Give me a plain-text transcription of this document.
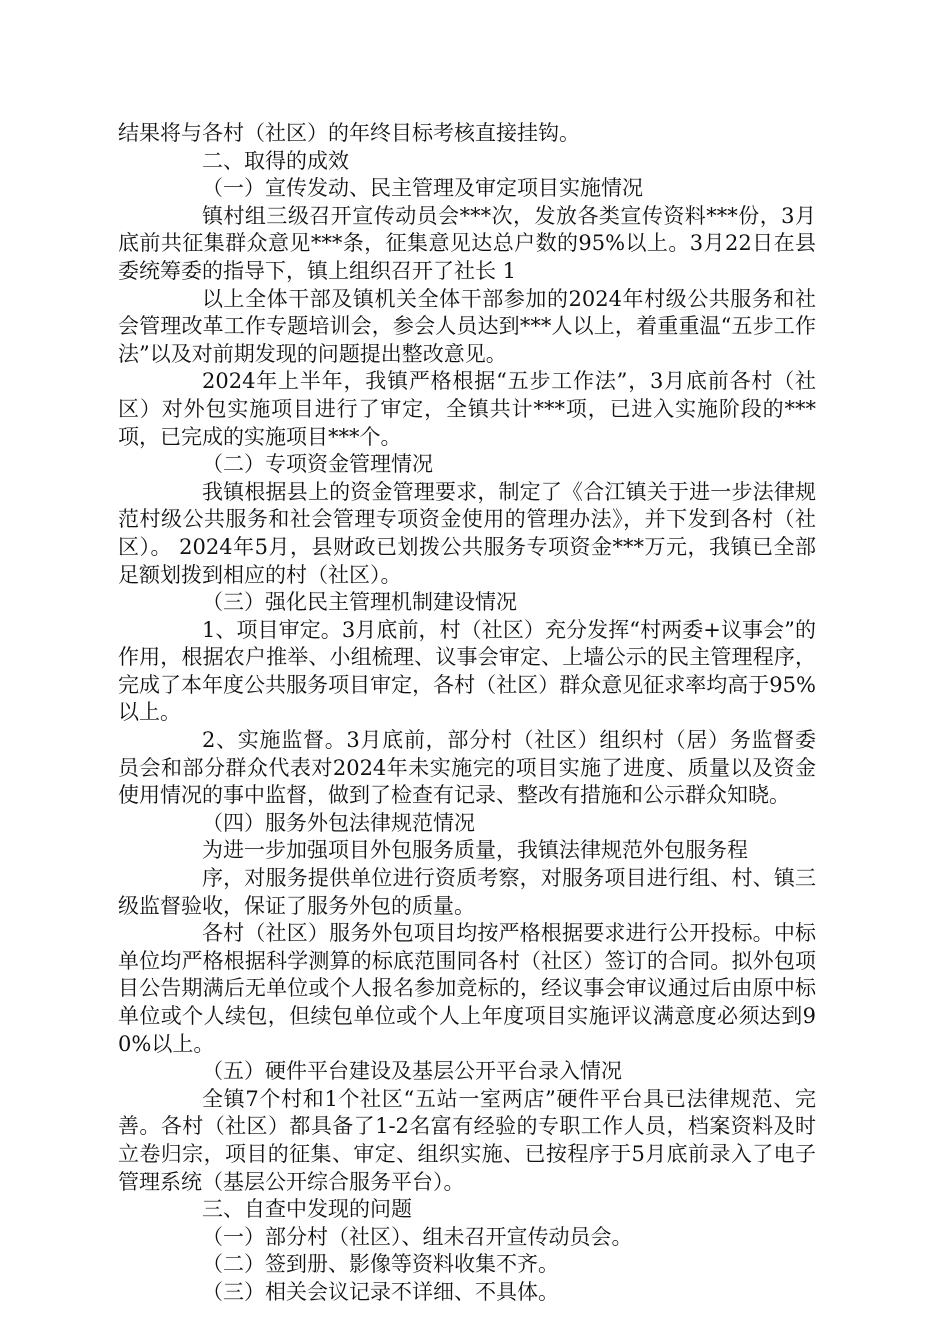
结果将与各村（社区）的年终目标考核直接挂钩。

二、取得的成效

（一）宣传发动、民主管理及审定项目实施情况

镇村组三级召开宣传动员会***次，发放各类宣传资料***份，3月底前共征集群众意见***条，征集意见达总户数的95%以上。3月22日在县委统筹委的指导下，镇上组织召开了社长 1

以上全体干部及镇机关全体干部参加的2024年村级公共服务和社会管理改革工作专题培训会，参会人员达到***人以上，着重重温“五步工作法”以及对前期发现的问题提出整改意见。

2024年上半年，我镇严格根据“五步工作法”，3月底前各村（社区）对外包实施项目进行了审定，全镇共计***项，已进入实施阶段的***项，已完成的实施项目***个。

（二）专项资金管理情况

我镇根据县上的资金管理要求，制定了《合江镇关于进一步法律规范村级公共服务和社会管理专项资金使用的管理办法》，并下发到各村（社区）。 2024年5月，县财政已划拨公共服务专项资金***万元，我镇已全部足额划拨到相应的村（社区）。

（三）强化民主管理机制建设情况

1、项目审定。3月底前，村（社区）充分发挥“村两委+议事会”的作用，根据农户推举、小组梳理、议事会审定、上墙公示的民主管理程序，完成了本年度公共服务项目审定，各村（社区）群众意见征求率均高于95%以上。

2、实施监督。3月底前，部分村（社区）组织村（居）务监督委员会和部分群众代表对2024年未实施完的项目实施了进度、质量以及资金使用情况的事中监督，做到了检查有记录、整改有措施和公示群众知晓。

（四）服务外包法律规范情况

为进一步加强项目外包服务质量，我镇法律规范外包服务程

序，对服务提供单位进行资质考察，对服务项目进行组、村、镇三级监督验收，保证了服务外包的质量。

各村（社区）服务外包项目均按严格根据要求进行公开投标。中标单位均严格根据科学测算的标底范围同各村（社区）签订的合同。拟外包项目公告期满后无单位或个人报名参加竞标的，经议事会审议通过后由原中标单位或个人续包，但续包单位或个人上年度项目实施评议满意度必须达到90%以上。

（五）硬件平台建设及基层公开平台录入情况

全镇7个村和1个社区“五站一室两店”硬件平台具已法律规范、完善。各村（社区）都具备了1-2名富有经验的专职工作人员，档案资料及时立卷归宗，项目的征集、审定、组织实施、已按程序于5月底前录入了电子管理系统（基层公开综合服务平台）。

三、自查中发现的问题

（一）部分村（社区）、组未召开宣传动员会。

（二）签到册、影像等资料收集不齐。

（三）相关会议记录不详细、不具体。
